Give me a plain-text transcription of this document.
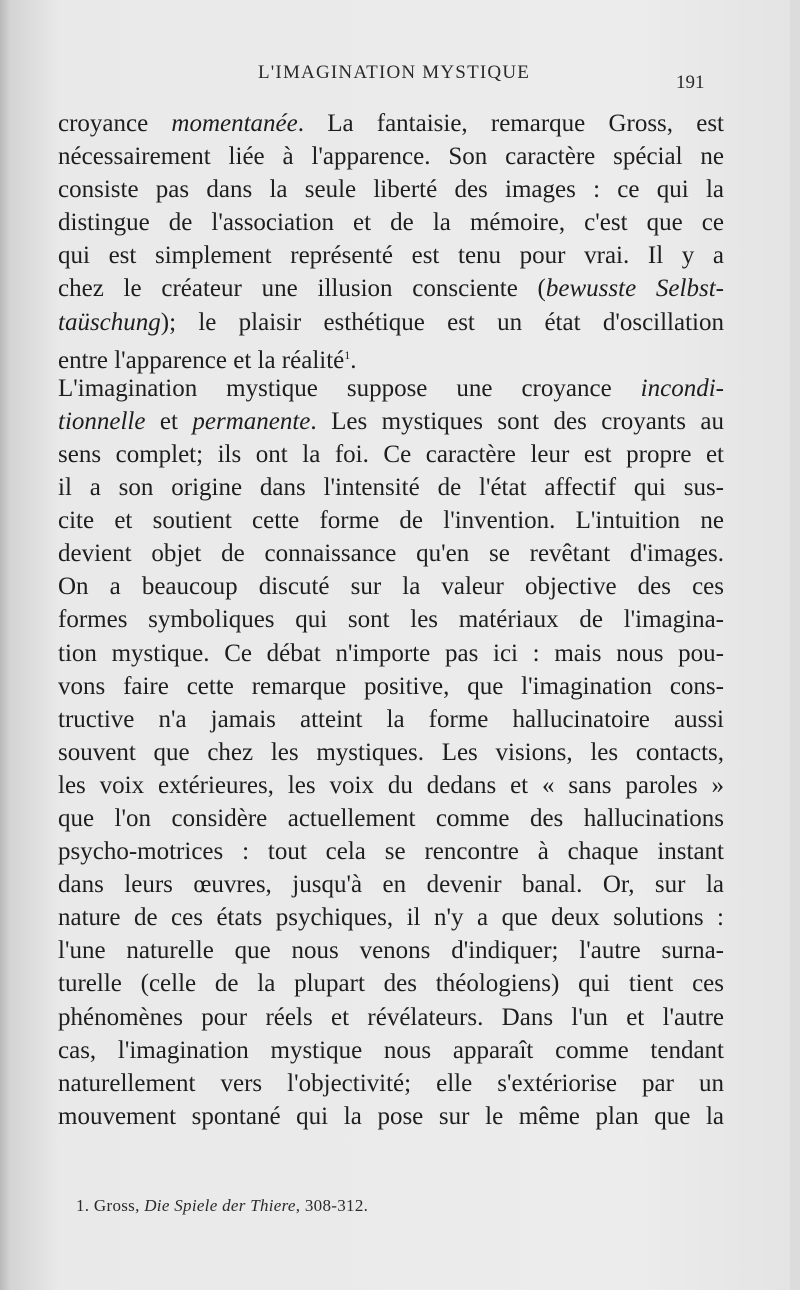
L'IMAGINATION MYSTIQUE	191
croyance momentanée. La fantaisie, remarque Gross, est
nécessairement liée à l'apparence. Son caractère spécial ne
consiste pas dans la seule liberté des images : ce qui la
distingue de l'association et de la mémoire, c'est que ce
qui est simplement représenté est tenu pour vrai. Il y a
chez le créateur une illusion consciente (bewusste Selbst-
taüschung); le plaisir esthétique est un état d'oscillation
entre l'apparence et la réalité$^1$.
L'imagination mystique suppose une croyance incondi-
tionnelle et permanente. Les mystiques sont des croyants au
sens complet; ils ont la foi. Ce caractère leur est propre et
il a son origine dans l'intensité de l'état affectif qui sus-
cite et soutient cette forme de l'invention. L'intuition ne
devient objet de connaissance qu'en se revêtant d'images.
On a beaucoup discuté sur la valeur objective des ces
formes symboliques qui sont les matériaux de l'imagina-
tion mystique. Ce débat n'importe pas ici : mais nous pou-
vons faire cette remarque positive, que l'imagination cons-
tructive n'a jamais atteint la forme hallucinatoire aussi
souvent que chez les mystiques. Les visions, les contacts,
les voix extérieures, les voix du dedans et « sans paroles »
que l'on considère actuellement comme des hallucinations
psycho-motrices : tout cela se rencontre à chaque instant
dans leurs œuvres, jusqu'à en devenir banal. Or, sur la
nature de ces états psychiques, il n'y a que deux solutions :
l'une naturelle que nous venons d'indiquer; l'autre surna-
turelle (celle de la plupart des théologiens) qui tient ces
phénomènes pour réels et révélateurs. Dans l'un et l'autre
cas, l'imagination mystique nous apparaît comme tendant
naturellement vers l'objectivité; elle s'extériorise par un
mouvement spontané qui la pose sur le même plan que la
1. Gross, Die Spiele der Thiere, 308-312.
